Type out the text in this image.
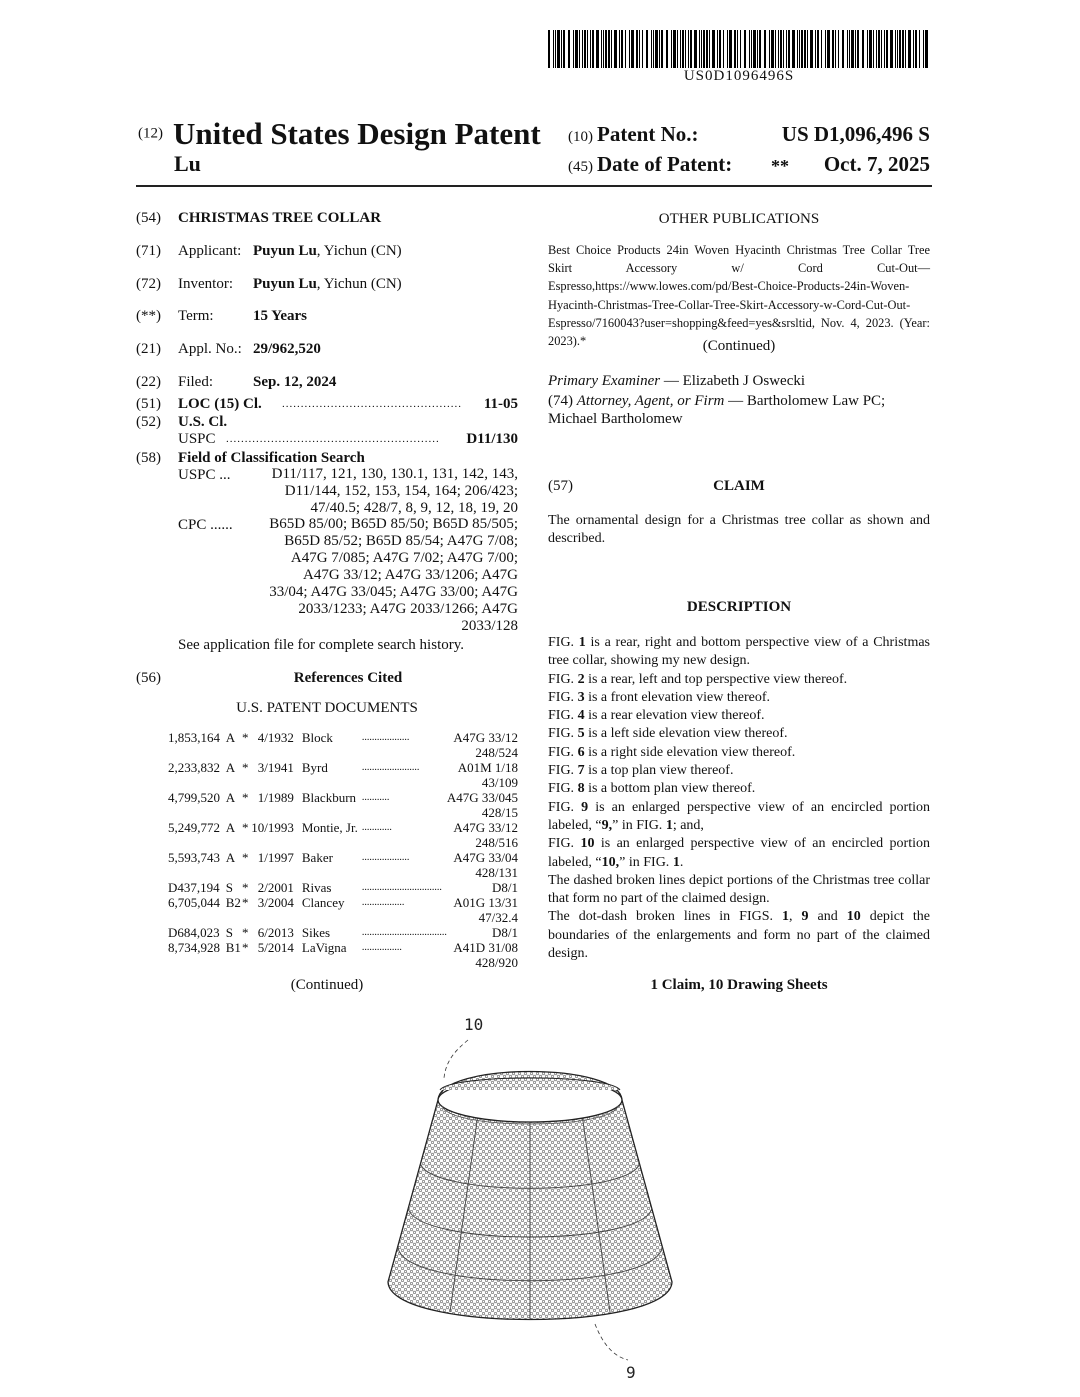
US0D1096496S
(12) United States Design Patent
Lu
(10) Patent No.:	US D1,096,496 S
(45) Date of Patent: ** Oct. 7, 2025
(54) CHRISTMAS TREE COLLAR
(71) Applicant: Puyun Lu, Yichun (CN)
(72) Inventor: Puyun Lu, Yichun (CN)
(**) Term:	15 Years
(21) Appl. No.: 29/962,520
(22) Filed:	Sep. 12, 2024
(51) LOC (15) Cl. ................................................ 11-05
(52) U.S. Cl.
USPC ......................................................... D11/130
(58) Field of Classification Search
USPC ...	D11/117, 121, 130, 130.1, 131, 142, 143,
D11/144, 152, 153, 154, 164; 206/423;
47/40.5; 428/7, 8, 9, 12, 18, 19, 20
CPC ...... B65D 85/00; B65D 85/50; B65D 85/505;
B65D 85/52; B65D 85/54; A47G 7/08;
A47G 7/085; A47G 7/02; A47G 7/00;
A47G 33/12; A47G 33/1206; A47G
33/04; A47G 33/045; A47G 33/00; A47G
2033/1233; A47G 2033/1266; A47G
2033/128
See application file for complete search history.
(56)	References Cited
U.S. PATENT DOCUMENTS
1,853,164	A	*	4/1932	Block	...................	A47G 33/12
248/524

2,233,832	A	*	3/1941	Byrd	.......................	A01M 1/18
43/109

4,799,520	A	*	1/1989	Blackburn	...........	A47G 33/045
428/15

5,249,772	A	*	10/1993	Montie, Jr.	............	A47G 33/12
248/516

5,593,743	A	*	1/1997	Baker	...................	A47G 33/04
428/131

D437,194	S	*	2/2001	Rivas	................................	D8/1

6,705,044	B2	*	3/2004	Clancey	.................	A01G 13/31
47/32.4

D684,023	S	*	6/2013	Sikes	..................................	D8/1

8,734,928	B1	*	5/2014	LaVigna	................	A41D 31/08
428/920
(Continued)
OTHER PUBLICATIONS
Best Choice Products 24in Woven Hyacinth Christmas Tree Collar Tree Skirt Accessory w/ Cord Cut-Out—Espresso,https://www.lowes.com/pd/Best-Choice-Products-24in-Woven-Hyacinth-Christmas-Tree-Collar-Tree-Skirt-Accessory-w-Cord-Cut-Out-Espresso/7160043?user=shopping&feed=yes&srsltid, Nov. 4, 2023. (Year: 2023).*	(Continued)
Primary Examiner — Elizabeth J Oswecki
(74) Attorney, Agent, or Firm — Bartholomew Law PC;
Michael Bartholomew
(57)	CLAIM
The ornamental design for a Christmas tree collar as shown and described.
DESCRIPTION

FIG. 1 is a rear, right and bottom perspective view of a Christmas tree collar, showing my new design.

FIG. 2 is a rear, left and top perspective view thereof.

FIG. 3 is a front elevation view thereof.

FIG. 4 is a rear elevation view thereof.

FIG. 5 is a left side elevation view thereof.

FIG. 6 is a right side elevation view thereof.

FIG. 7 is a top plan view thereof.

FIG. 8 is a bottom plan view thereof.

FIG. 9 is an enlarged perspective view of an encircled portion labeled, “9,” in FIG. 1; and,

FIG. 10 is an enlarged perspective view of an encircled portion labeled, “10,” in FIG. 1.

The dashed broken lines depict portions of the Christmas tree collar that form no part of the claimed design.

The dot-dash broken lines in FIGS. 1, 9 and 10 depict the boundaries of the enlargements and form no part of the claimed design.

1 Claim, 10 Drawing Sheets
10
9
